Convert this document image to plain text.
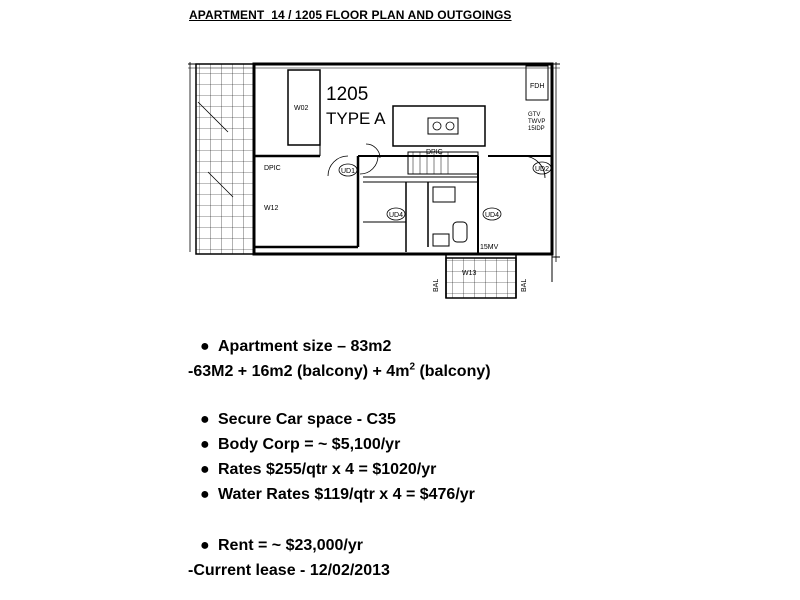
APARTMENT  14 / 1205 FLOOR PLAN AND OUTGOINGS
1205
TYPE A
W02
W12
W13
UD1	UD2
UD4	UD4
DPIC
DPIC
FDH
GTV
TWVP
15IDP
15MV
BAL	BAL
● Apartment size – 83m2
-63M2 + 16m2 (balcony) + $4m^2$ (balcony)
● Secure Car space - C35
● Body Corp = ~ $5,100/yr
● Rates $255/qtr x 4 = $1020/yr
● Water Rates $119/qtr x 4 = $476/yr
● Rent = ~ $23,000/yr
-Current lease - 12/02/2013
